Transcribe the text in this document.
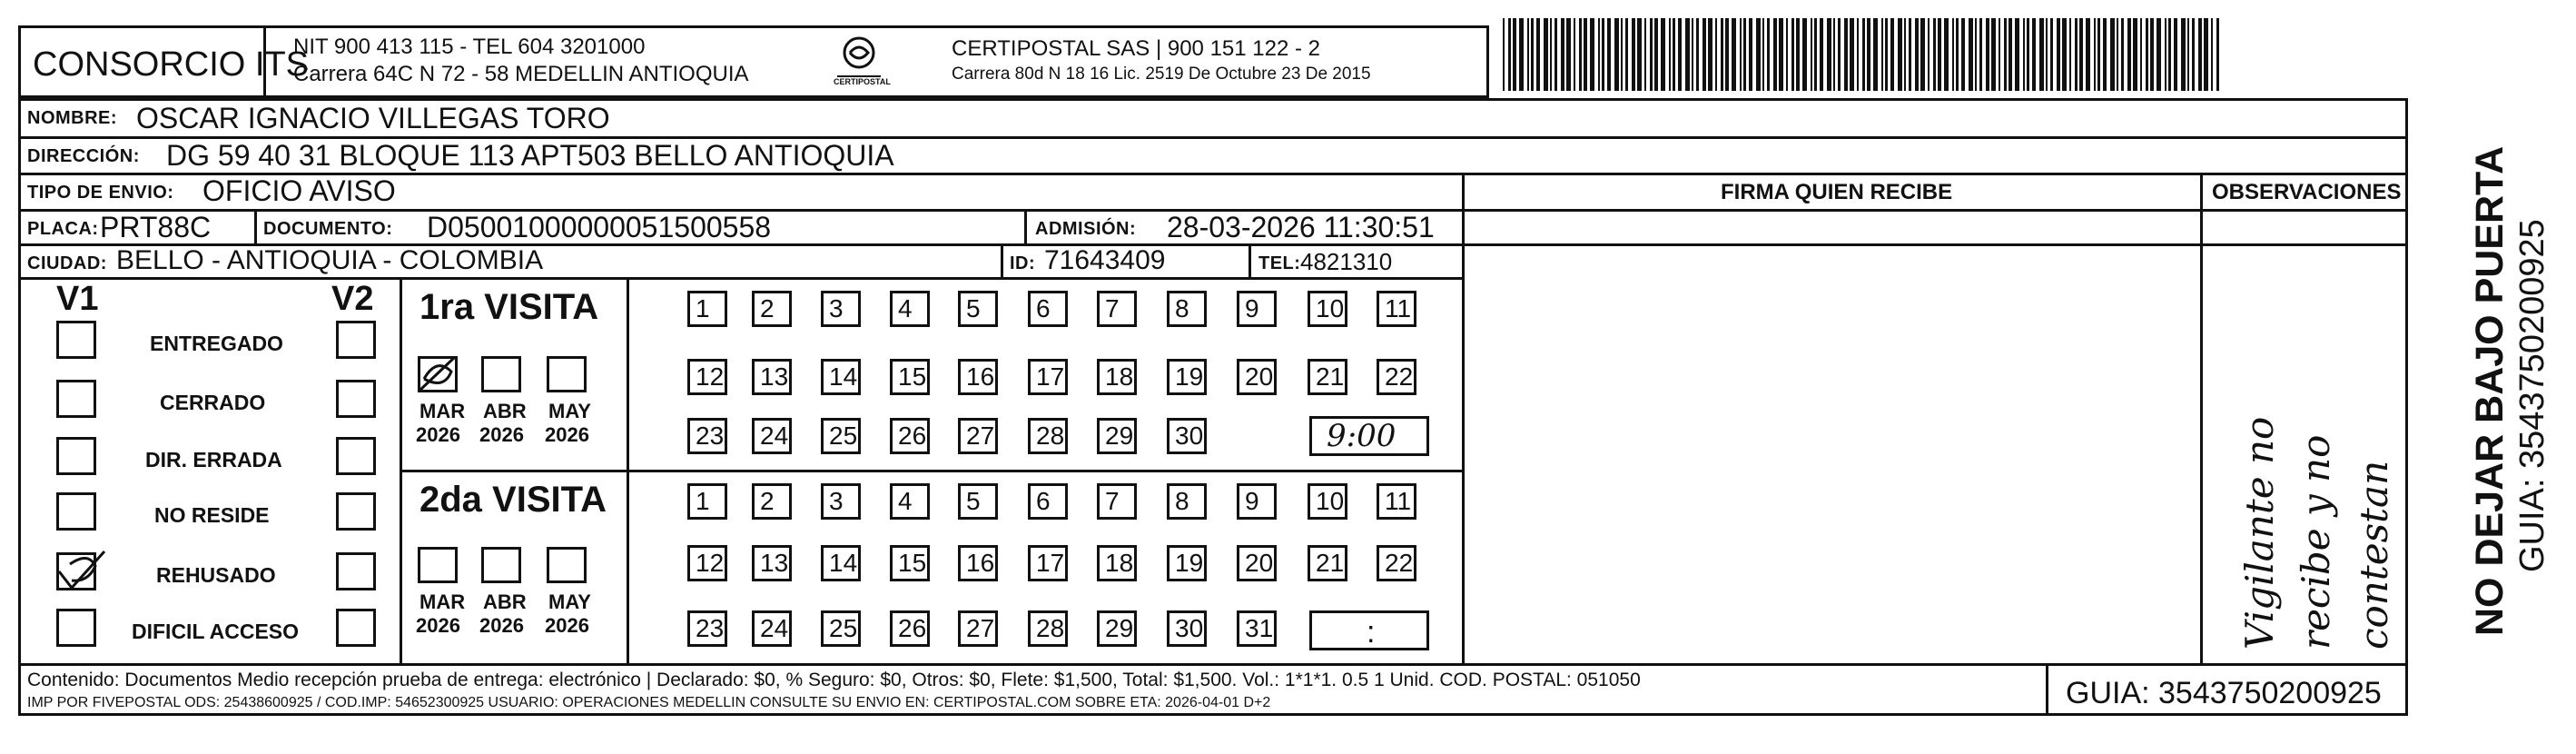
CONSORCIO ITS
NIT 900 413 115 - TEL 604 3201000
Carrera 64C N 72 - 58 MEDELLIN ANTIOQUIA	CERTIPOSTAL
CERTIPOSTAL SAS | 900 151 122 - 2
Carrera 80d N 18 16 Lic. 2519 De Octubre 23 De 2015
NOMBRE: OSCAR IGNACIO VILLEGAS TORO
DIRECCIÓN: DG 59 40 31 BLOQUE 113 APT503 BELLO ANTIOQUIA
TIPO DE ENVIO: OFICIO AVISO	FIRMA QUIEN RECIBE	OBSERVACIONES
PLACA: PRT88C	DOCUMENTO: D05001000000051500558	ADMISIÓN: 28-03-2026 11:30:51
CIUDAD: BELLO - ANTIOQUIA - COLOMBIA	ID: 71643409	TEL: 4821310
V1	V2
ENTREGADO
CERRADO
DIR. ERRADA
NO RESIDE
REHUSADO
DIFICIL ACCESO
1ra VISITA
2da VISITA
MAR
2026
ABR
2026
MAY
2026
MAR
2026
ABR
2026
MAY
2026
1	2	3	4	5	6	7	8	9	10	11
12	13	14	15	16	17	18	19	20	21	22
23	24	25	26	27	28	29	30
1	2	3	4	5	6	7	8	9	10	11
12	13	14	15	16	17	18	19	20	21	22
23	24	25	26	27	28	29	30	31
9:00
:	Vigilante no recibe y no contestan
Contenido: Documentos Medio recepción prueba de entrega: electrónico | Declarado: $0, % Seguro: $0, Otros: $0, Flete: $1,500, Total: $1,500. Vol.: 1*1*1. 0.5 1 Unid. COD. POSTAL: 051050
IMP POR FIVEPOSTAL ODS: 25438600925 / COD.IMP: 54652300925 USUARIO: OPERACIONES MEDELLIN CONSULTE SU ENVIO EN: CERTIPOSTAL.COM SOBRE ETA: 2026-04-01 D+2	GUIA: 3543750200925
NO DEJAR BAJO PUERTA GUIA: 3543750200925
